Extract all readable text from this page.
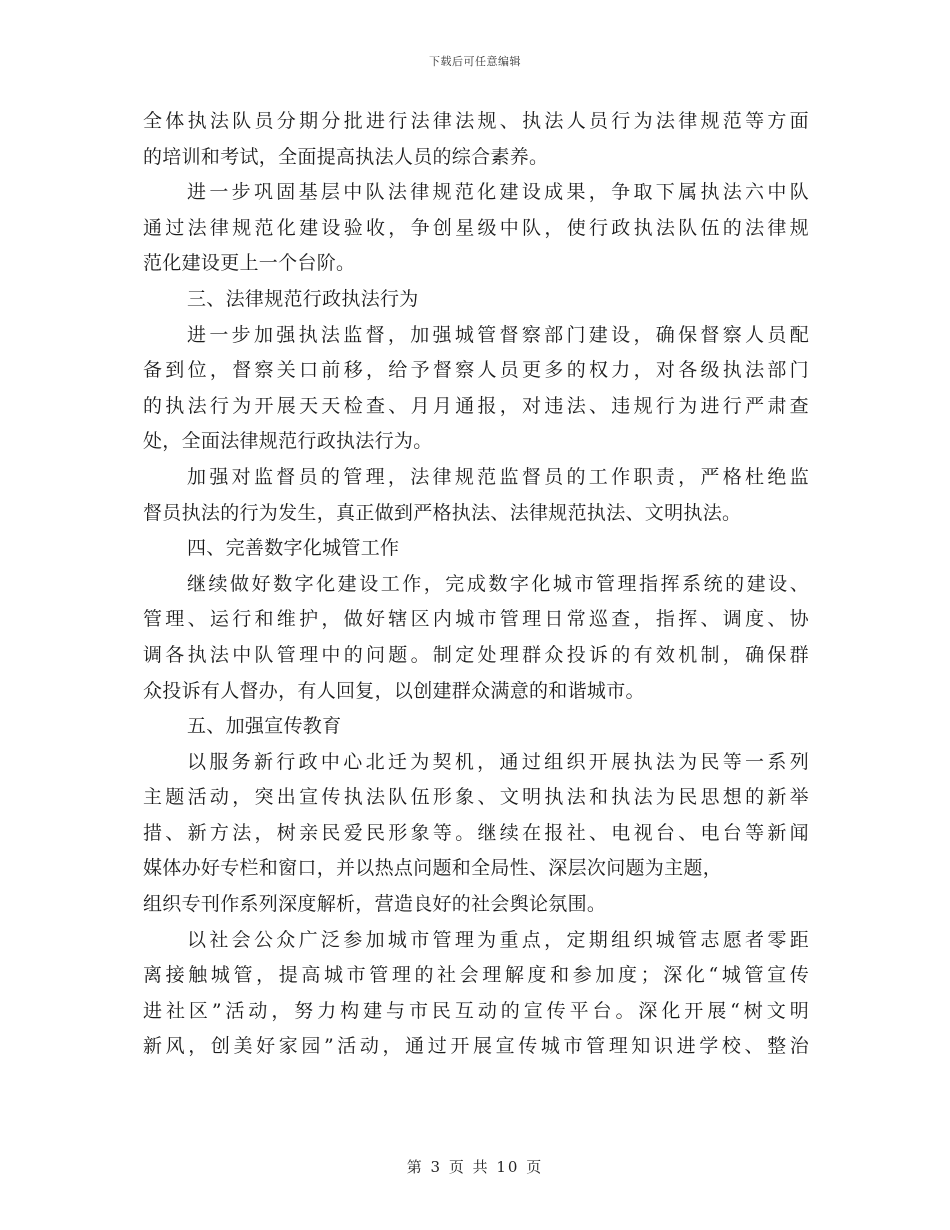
下载后可任意编辑
全体执法队员分期分批进行法律法规、执法人员行为法律规范等方面
的培训和考试，全面提高执法人员的综合素养。
进一步巩固基层中队法律规范化建设成果，争取下属执法六中队
通过法律规范化建设验收，争创星级中队，使行政执法队伍的法律规
范化建设更上一个台阶。
三、法律规范行政执法行为
进一步加强执法监督，加强城管督察部门建设，确保督察人员配
备到位，督察关口前移，给予督察人员更多的权力，对各级执法部门
的执法行为开展天天检查、月月通报，对违法、违规行为进行严肃查
处，全面法律规范行政执法行为。
加强对监督员的管理，法律规范监督员的工作职责，严格杜绝监
督员执法的行为发生，真正做到严格执法、法律规范执法、文明执法。
四、完善数字化城管工作
继续做好数字化建设工作，完成数字化城市管理指挥系统的建设、
管理、运行和维护，做好辖区内城市管理日常巡查，指挥、调度、协
调各执法中队管理中的问题。制定处理群众投诉的有效机制，确保群
众投诉有人督办，有人回复，以创建群众满意的和谐城市。
五、加强宣传教育
以服务新行政中心北迁为契机，通过组织开展执法为民等一系列
主题活动，突出宣传执法队伍形象、文明执法和执法为民思想的新举
措、新方法，树亲民爱民形象等。继续在报社、电视台、电台等新闻
媒体办好专栏和窗口，并以热点问题和全局性、深层次问题为主题，
组织专刊作系列深度解析，营造良好的社会舆论氛围。
以社会公众广泛参加城市管理为重点，定期组织城管志愿者零距
离接触城管，提高城市管理的社会理解度和参加度；深化“城管宣传
进社区”活动，努力构建与市民互动的宣传平台。深化开展“树文明
新风，创美好家园”活动，通过开展宣传城市管理知识进学校、整治
第 3 页 共 10 页
